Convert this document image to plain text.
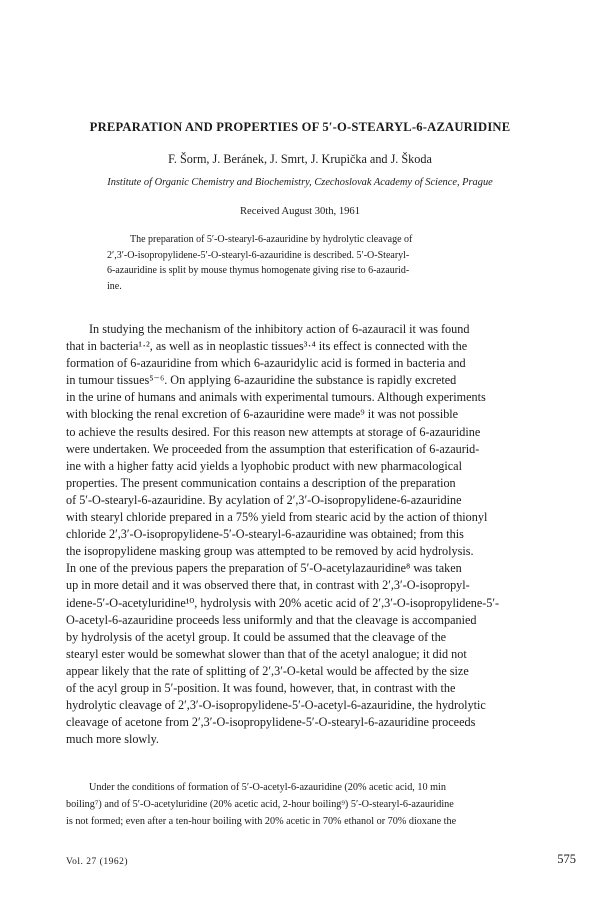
PREPARATION AND PROPERTIES OF 5′-O-STEARYL-6-AZAURIDINE
F. Šorm, J. Beránek, J. Smrt, J. Krupička and J. Škoda
Institute of Organic Chemistry and Biochemistry, Czechoslovak Academy of Science, Prague
Received August 30th, 1961
The preparation of 5′-O-stearyl-6-azauridine by hydrolytic cleavage of
2′,3′-O-isopropylidene-5′-O-stearyl-6-azauridine is described. 5′-O-Stearyl-
6-azauridine is split by mouse thymus homogenate giving rise to 6-azaurid-
ine.
In studying the mechanism of the inhibitory action of 6-azauracil it was found
that in bacteria¹·², as well as in neoplastic tissues³·⁴ its effect is connected with the
formation of 6-azauridine from which 6-azauridylic acid is formed in bacteria and
in tumour tissues⁵⁻⁶. On applying 6-azauridine the substance is rapidly excreted
in the urine of humans and animals with experimental tumours. Although experiments
with blocking the renal excretion of 6-azauridine were made⁹ it was not possible
to achieve the results desired. For this reason new attempts at storage of 6-azauridine
were undertaken. We proceeded from the assumption that esterification of 6-azaurid-
ine with a higher fatty acid yields a lyophobic product with new pharmacological
properties. The present communication contains a description of the preparation
of 5′-O-stearyl-6-azauridine. By acylation of 2′,3′-O-isopropylidene-6-azauridine
with stearyl chloride prepared in a 75% yield from stearic acid by the action of thionyl
chloride 2′,3′-O-isopropylidene-5′-O-stearyl-6-azauridine was obtained; from this
the isopropylidene masking group was attempted to be removed by acid hydrolysis.
In one of the previous papers the preparation of 5′-O-acetylazauridine⁸ was taken
up in more detail and it was observed there that, in contrast with 2′,3′-O-isopropyl-
idene-5′-O-acetyluridine¹⁰, hydrolysis with 20% acetic acid of 2′,3′-O-isopropylidene-5′-
O-acetyl-6-azauridine proceeds less uniformly and that the cleavage is accompanied
by hydrolysis of the acetyl group. It could be assumed that the cleavage of the
stearyl ester would be somewhat slower than that of the acetyl analogue; it did not
appear likely that the rate of splitting of 2′,3′-O-ketal would be affected by the size
of the acyl group in 5′-position. It was found, however, that, in contrast with the
hydrolytic cleavage of 2′,3′-O-isopropylidene-5′-O-acetyl-6-azauridine, the hydrolytic
cleavage of acetone from 2′,3′-O-isopropylidene-5′-O-stearyl-6-azauridine proceeds
much more slowly.
Under the conditions of formation of 5′-O-acetyl-6-azauridine (20% acetic acid, 10 min
boiling⁷) and of 5′-O-acetyluridine (20% acetic acid, 2-hour boiling⁹) 5′-O-stearyl-6-azauridine
is not formed; even after a ten-hour boiling with 20% acetic in 70% ethanol or 70% dioxane the
Vol. 27 (1962)	575
